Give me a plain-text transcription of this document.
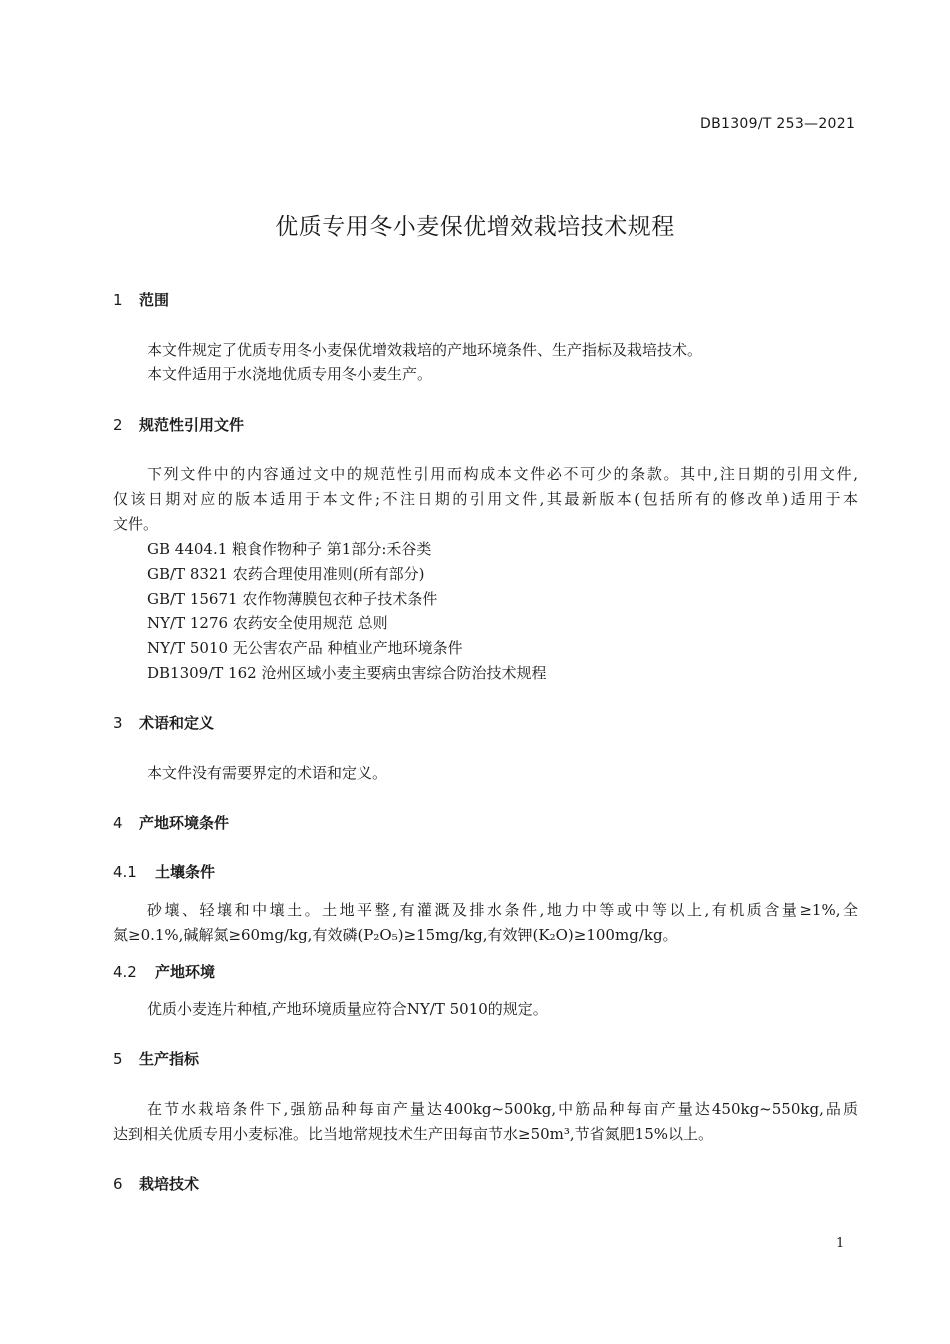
DB1309/T 253—2021
优质专用冬小麦保优增效栽培技术规程
1 范围
本文件规定了优质专用冬小麦保优增效栽培的产地环境条件、生产指标及栽培技术。
本文件适用于水浇地优质专用冬小麦生产。
2 规范性引用文件
下列文件中的内容通过文中的规范性引用而构成本文件必不可少的条款。其中,注日期的引用文件,
仅该日期对应的版本适用于本文件;不注日期的引用文件,其最新版本(包括所有的修改单)适用于本
文件。
GB 4404.1 粮食作物种子 第1部分:禾谷类
GB/T 8321 农药合理使用准则(所有部分)
GB/T 15671 农作物薄膜包衣种子技术条件
NY/T 1276 农药安全使用规范 总则
NY/T 5010 无公害农产品 种植业产地环境条件
DB1309/T 162 沧州区域小麦主要病虫害综合防治技术规程
3 术语和定义
本文件没有需要界定的术语和定义。
4 产地环境条件
4.1 土壤条件
砂壤、轻壤和中壤土。土地平整,有灌溉及排水条件,地力中等或中等以上,有机质含量≥1%,全
氮≥0.1%,碱解氮≥60mg/kg,有效磷(P₂O₅)≥15mg/kg,有效钾(K₂O)≥100mg/kg。
4.2 产地环境
优质小麦连片种植,产地环境质量应符合NY/T 5010的规定。
5 生产指标
在节水栽培条件下,强筋品种每亩产量达400kg~500kg,中筋品种每亩产量达450kg~550kg,品质
达到相关优质专用小麦标准。比当地常规技术生产田每亩节水≥50m³,节省氮肥15%以上。
6 栽培技术
1
